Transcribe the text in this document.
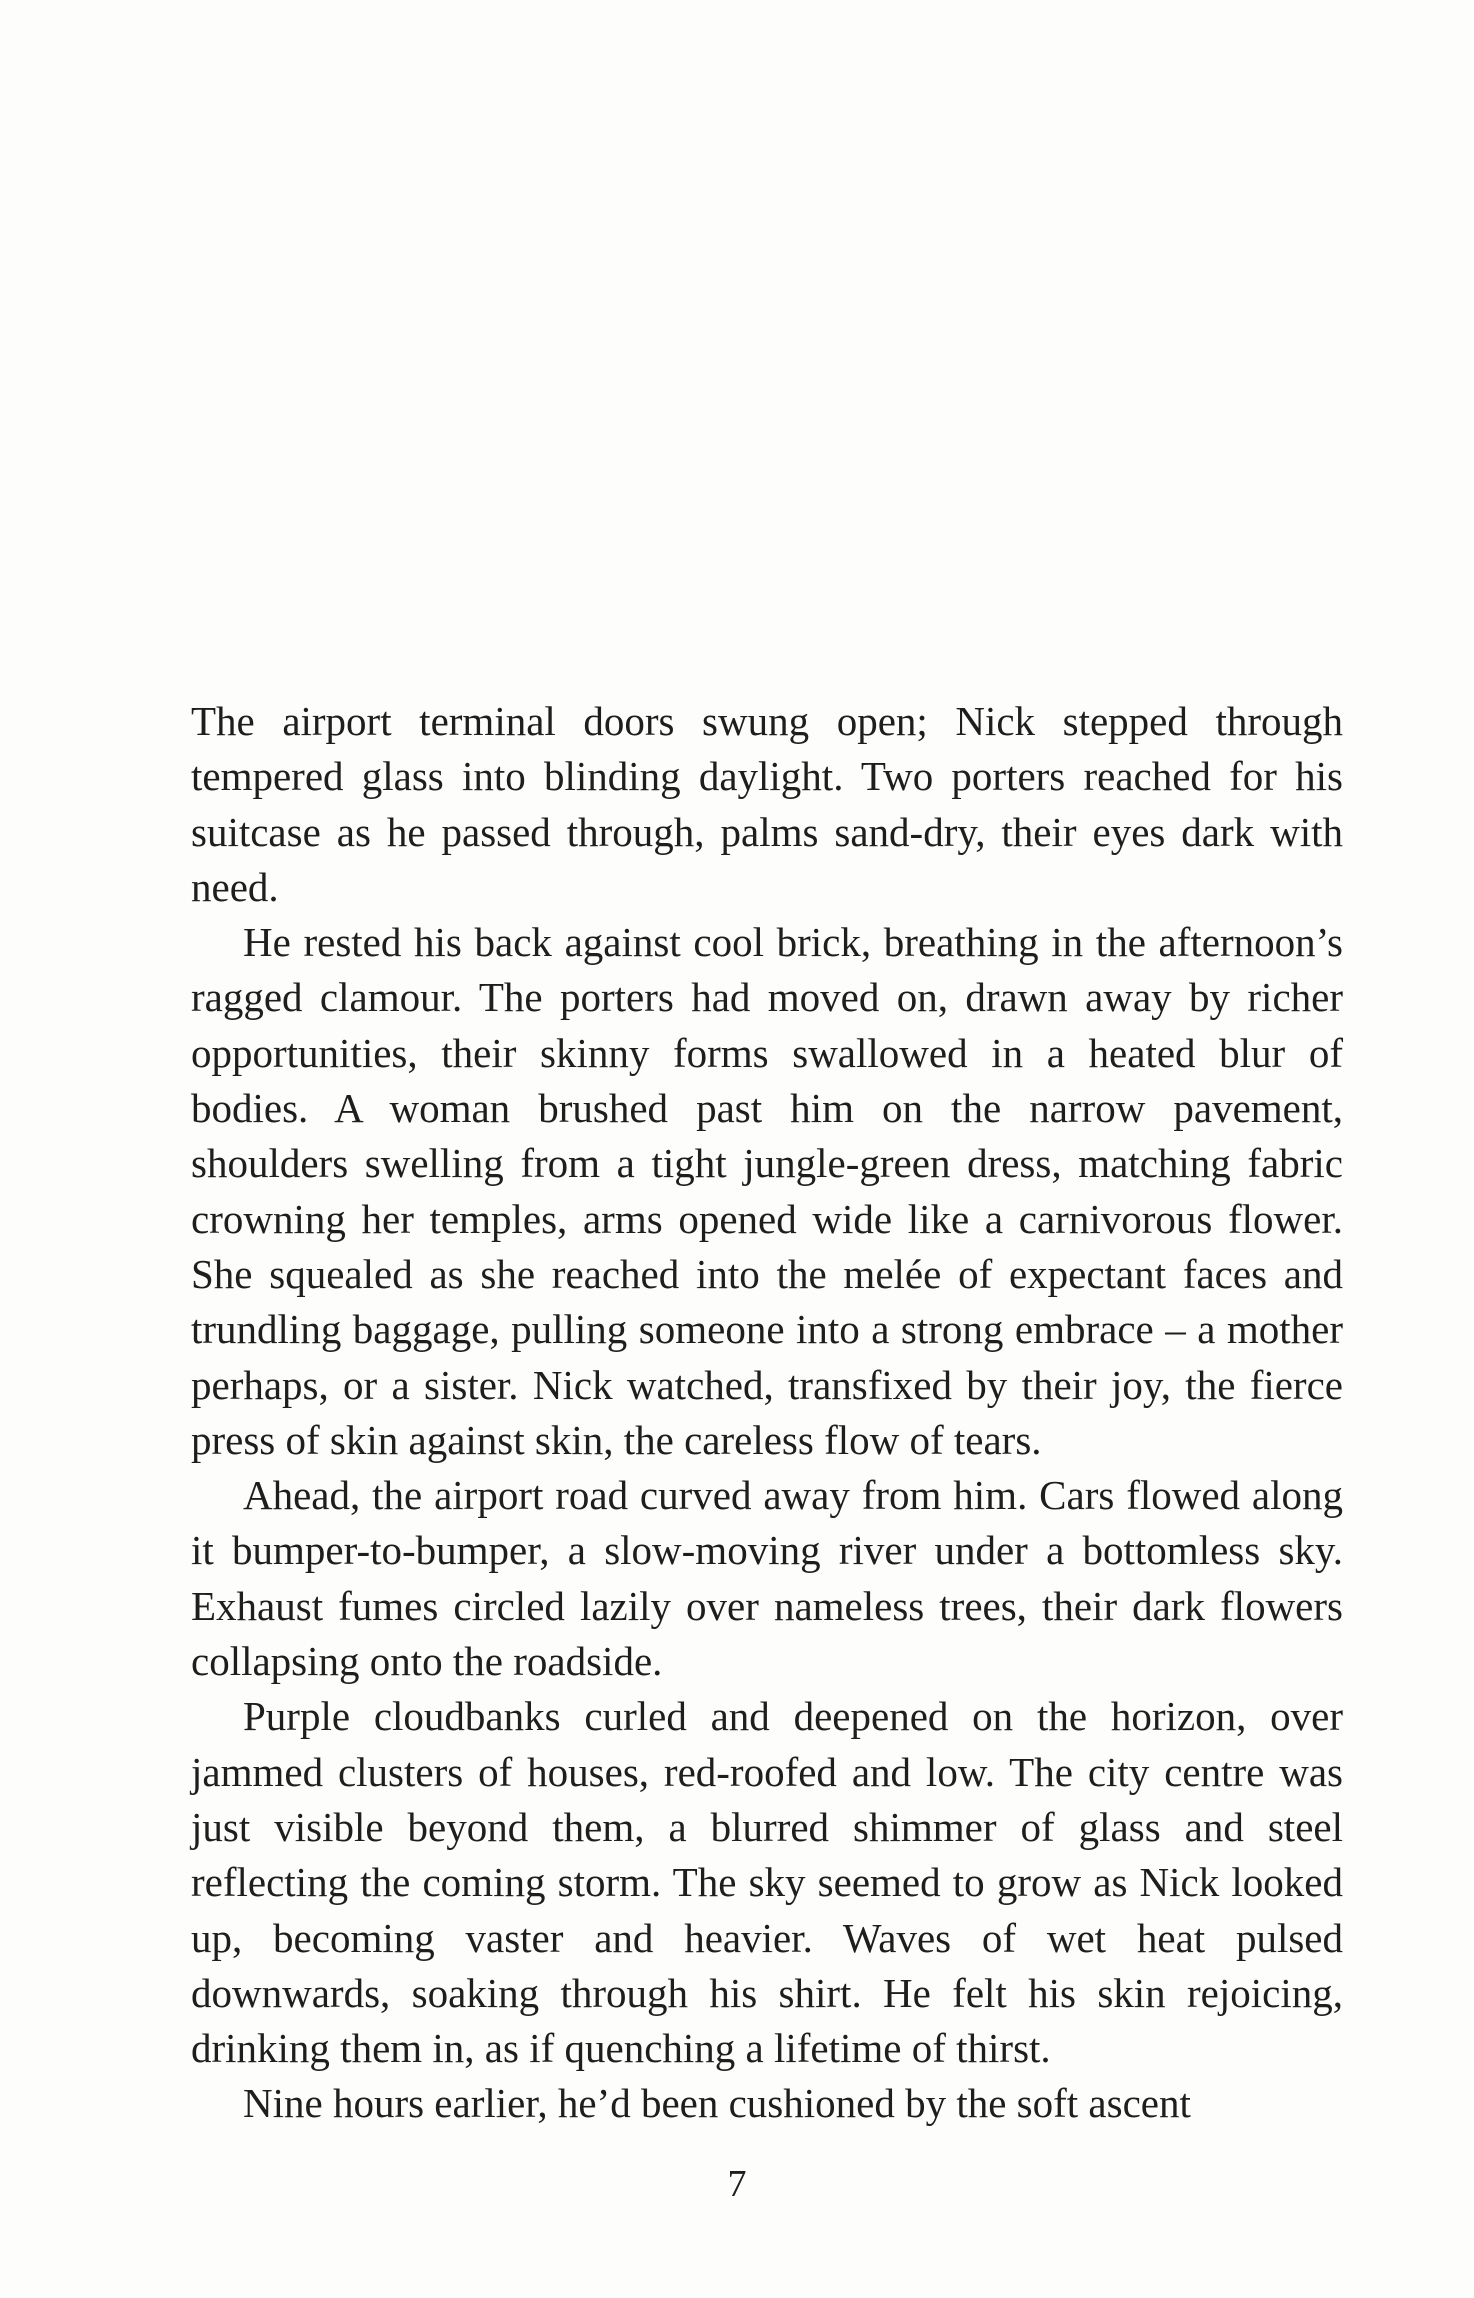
The airport terminal doors swung open; Nick stepped through tempered glass into blinding daylight. Two porters reached for his suitcase as he passed through, palms sand-dry, their eyes dark with need.

He rested his back against cool brick, breathing in the afternoon’s ragged clamour. The porters had moved on, drawn away by richer opportunities, their skinny forms swallowed in a heated blur of bodies. A woman brushed past him on the narrow pavement, shoulders swelling from a tight jungle-green dress, matching fabric crowning her temples, arms opened wide like a carnivorous flower. She squealed as she reached into the melée of expectant faces and trundling baggage, pulling someone into a strong embrace – a mother perhaps, or a sister. Nick watched, transfixed by their joy, the fierce press of skin against skin, the careless flow of tears.

Ahead, the airport road curved away from him. Cars flowed along it bumper-to-bumper, a slow-moving river under a bottomless sky. Exhaust fumes circled lazily over nameless trees, their dark flowers collapsing onto the roadside.

Purple cloudbanks curled and deepened on the horizon, over jammed clusters of houses, red-roofed and low. The city centre was just visible beyond them, a blurred shimmer of glass and steel reflecting the coming storm. The sky seemed to grow as Nick looked up, becoming vaster and heavier. Waves of wet heat pulsed downwards, soaking through his shirt. He felt his skin rejoicing, drinking them in, as if quenching a lifetime of thirst.

Nine hours earlier, he’d been cushioned by the soft ascent

7
